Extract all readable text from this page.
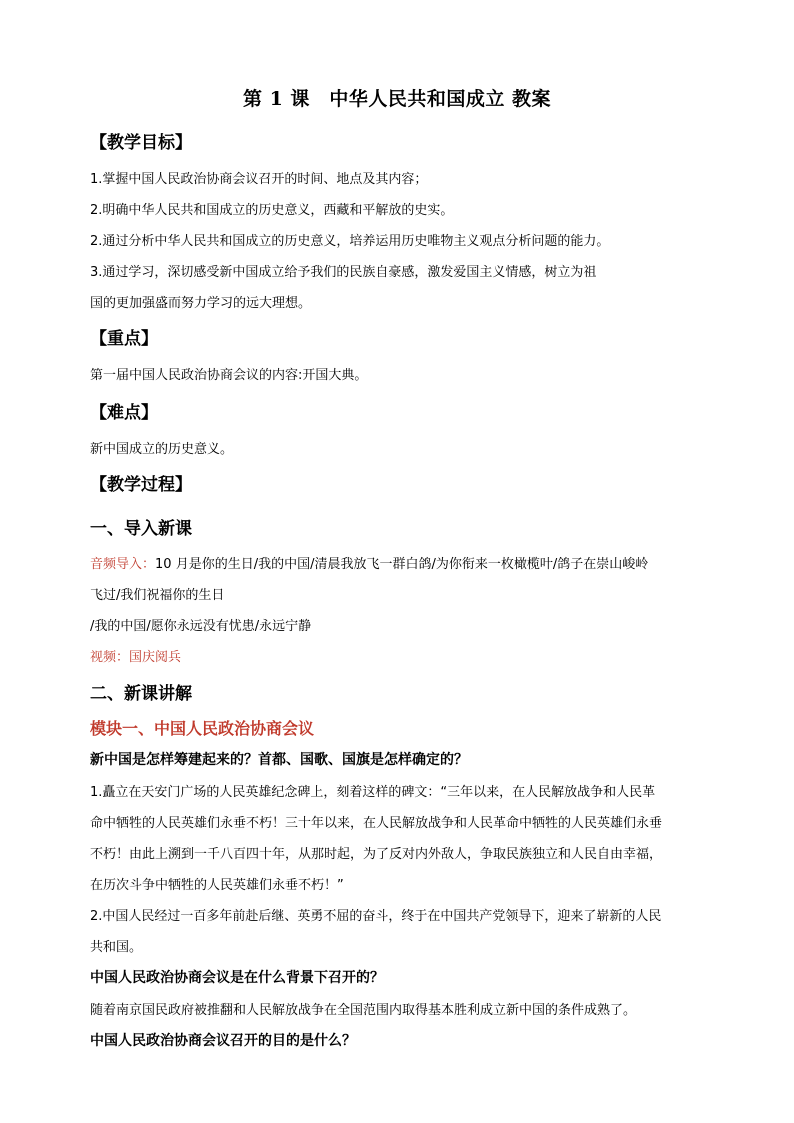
第 1 课　中华人民共和国成立 教案
【教学目标】
1.掌握中国人民政治协商会议召开的时间、地点及其内容；
2.明确中华人民共和国成立的历史意义，西藏和平解放的史实。
2.通过分析中华人民共和国成立的历史意义，培养运用历史唯物主义观点分析问题的能力。
3.通过学习，深切感受新中国成立给予我们的民族自豪感，激发爱国主义情感，树立为祖
国的更加强盛而努力学习的远大理想。
【重点】
第一届中国人民政治协商会议的内容:开国大典。
【难点】
新中国成立的历史意义。
【教学过程】
一、导入新课
音频导入：10 月是你的生日/我的中国/清晨我放飞一群白鸽/为你衔来一枚橄榄叶/鸽子在崇山峻岭
飞过/我们祝福你的生日
/我的中国/愿你永远没有忧患/永远宁静
视频：国庆阅兵
二、新课讲解
模块一、中国人民政治协商会议
新中国是怎样筹建起来的？首都、国歌、国旗是怎样确定的？
1.矗立在天安门广场的人民英雄纪念碑上，刻着这样的碑文：“三年以来，在人民解放战争和人民革
命中牺牲的人民英雄们永垂不朽！三十年以来，在人民解放战争和人民革命中牺牲的人民英雄们永垂
不朽！由此上溯到一千八百四十年，从那时起，为了反对内外敌人，争取民族独立和人民自由幸福，
在历次斗争中牺牲的人民英雄们永垂不朽！”
2.中国人民经过一百多年前赴后继、英勇不屈的奋斗，终于在中国共产党领导下，迎来了崭新的人民
共和国。
中国人民政治协商会议是在什么背景下召开的？
随着南京国民政府被推翻和人民解放战争在全国范围内取得基本胜利成立新中国的条件成熟了。
中国人民政治协商会议召开的目的是什么？
